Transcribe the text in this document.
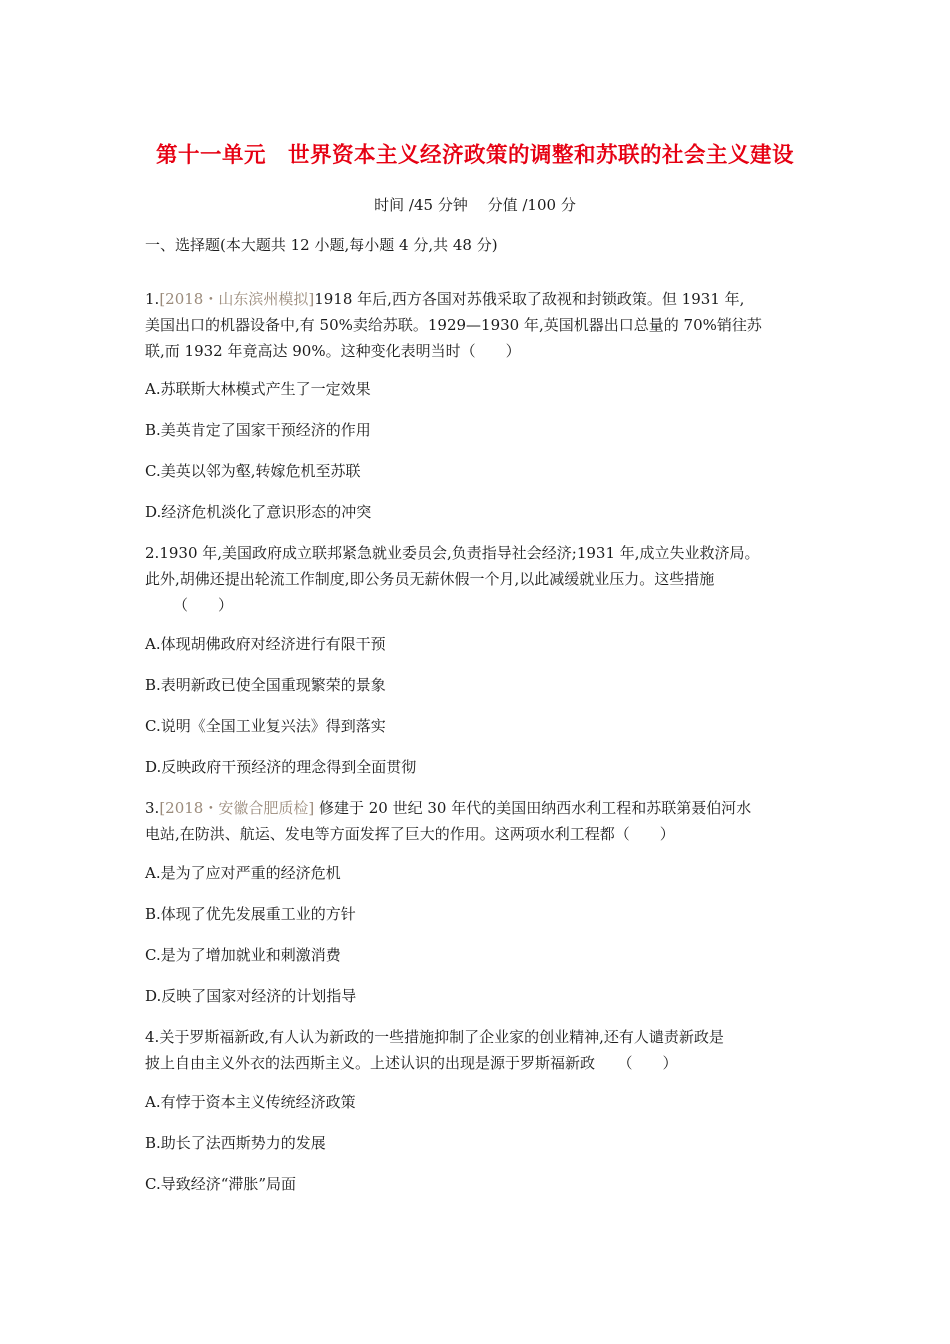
第十一单元　世界资本主义经济政策的调整和苏联的社会主义建设
时间 /45 分钟　 分值 /100 分
一、选择题(本大题共 12 小题,每小题 4 分,共 48 分)
1.[2018・山东滨州模拟]1918 年后,西方各国对苏俄采取了敌视和封锁政策。但 1931 年,
美国出口的机器设备中,有 50%卖给苏联。1929—1930 年,英国机器出口总量的 70%销往苏
联,而 1932 年竟高达 90%。这种变化表明当时（　　）
A.苏联斯大林模式产生了一定效果
B.美英肯定了国家干预经济的作用
C.美英以邻为壑,转嫁危机至苏联
D.经济危机淡化了意识形态的冲突
2.1930 年,美国政府成立联邦紧急就业委员会,负责指导社会经济;1931 年,成立失业救济局。
此外,胡佛还提出轮流工作制度,即公务员无薪休假一个月,以此减缓就业压力。这些措施
（　　）
A.体现胡佛政府对经济进行有限干预
B.表明新政已使全国重现繁荣的景象
C.说明《全国工业复兴法》得到落实
D.反映政府干预经济的理念得到全面贯彻
3.[2018・安徽合肥质检] 修建于 20 世纪 30 年代的美国田纳西水利工程和苏联第聂伯河水
电站,在防洪、航运、发电等方面发挥了巨大的作用。这两项水利工程都（　　）
A.是为了应对严重的经济危机
B.体现了优先发展重工业的方针
C.是为了增加就业和刺激消费
D.反映了国家对经济的计划指导
4.关于罗斯福新政,有人认为新政的一些措施抑制了企业家的创业精神,还有人谴责新政是
披上自由主义外衣的法西斯主义。上述认识的出现是源于罗斯福新政　　（　　）
A.有悖于资本主义传统经济政策
B.助长了法西斯势力的发展
C.导致经济“滞胀”局面
